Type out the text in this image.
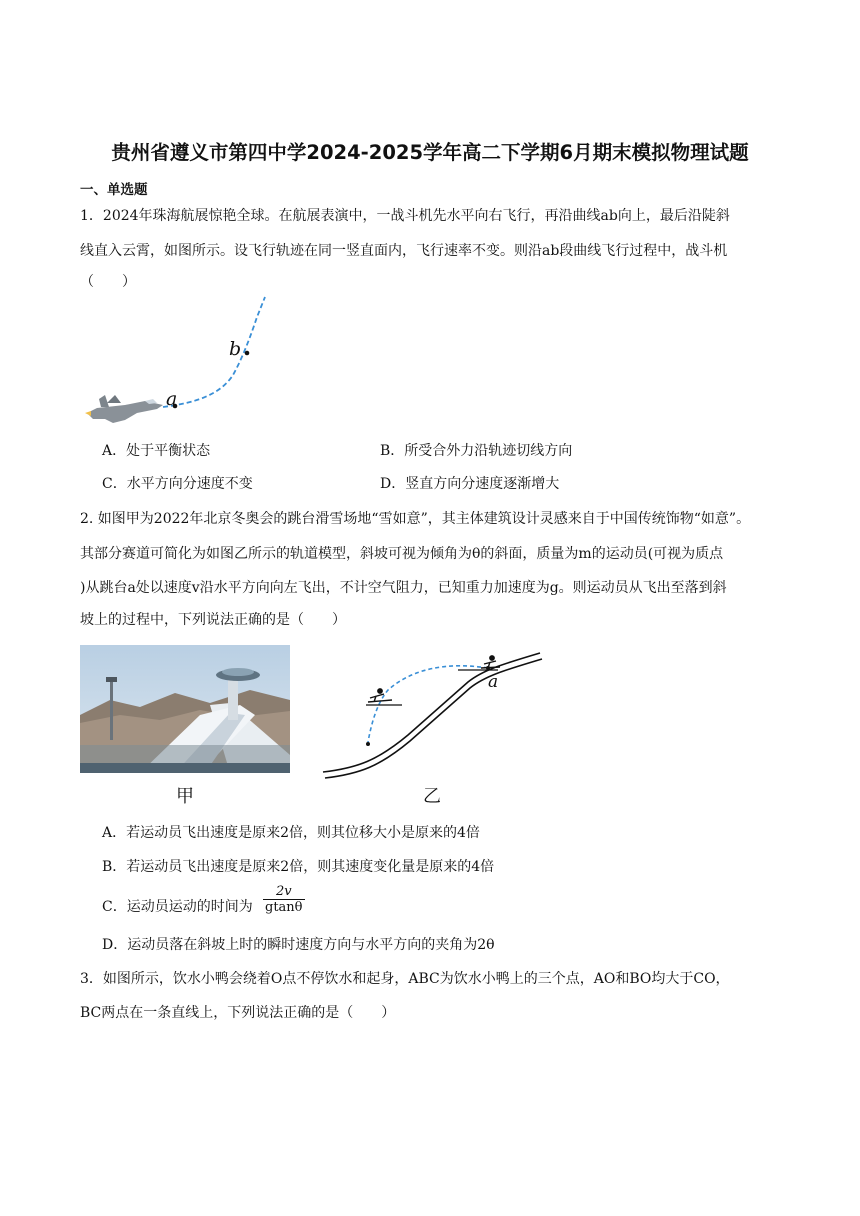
贵州省遵义市第四中学2024-2025学年高二下学期6月期末模拟物理试题
一、单选题
1．2024年珠海航展惊艳全球。在航展表演中，一战斗机先水平向右飞行，再沿曲线ab向上，最后沿陡斜
线直入云霄，如图所示。设飞行轨迹在同一竖直面内，飞行速率不变。则沿ab段曲线飞行过程中，战斗机
（　　）
a
b
A．处于平衡状态	B．所受合外力沿轨迹切线方向
C．水平方向分速度不变	D．竖直方向分速度逐渐增大
2. 如图甲为2022年北京冬奥会的跳台滑雪场地“雪如意”，其主体建筑设计灵感来自于中国传统饰物“如意”。
其部分赛道可简化为如图乙所示的轨道模型，斜坡可视为倾角为θ的斜面，质量为m的运动员(可视为质点
)从跳台a处以速度v沿水平方向向左飞出，不计空气阻力，已知重力加速度为g。则运动员从飞出至落到斜
坡上的过程中，下列说法正确的是（　　）
甲
a
乙
A．若运动员飞出速度是原来2倍，则其位移大小是原来的4倍
B．若运动员飞出速度是原来2倍，则其速度变化量是原来的4倍
C．运动员运动的时间为 $\frac{2v}{gtan\theta}$
D．运动员落在斜坡上时的瞬时速度方向与水平方向的夹角为2θ
3．如图所示，饮水小鸭会绕着O点不停饮水和起身，ABC为饮水小鸭上的三个点，AO和BO均大于CO，
BC两点在一条直线上，下列说法正确的是（　　）
